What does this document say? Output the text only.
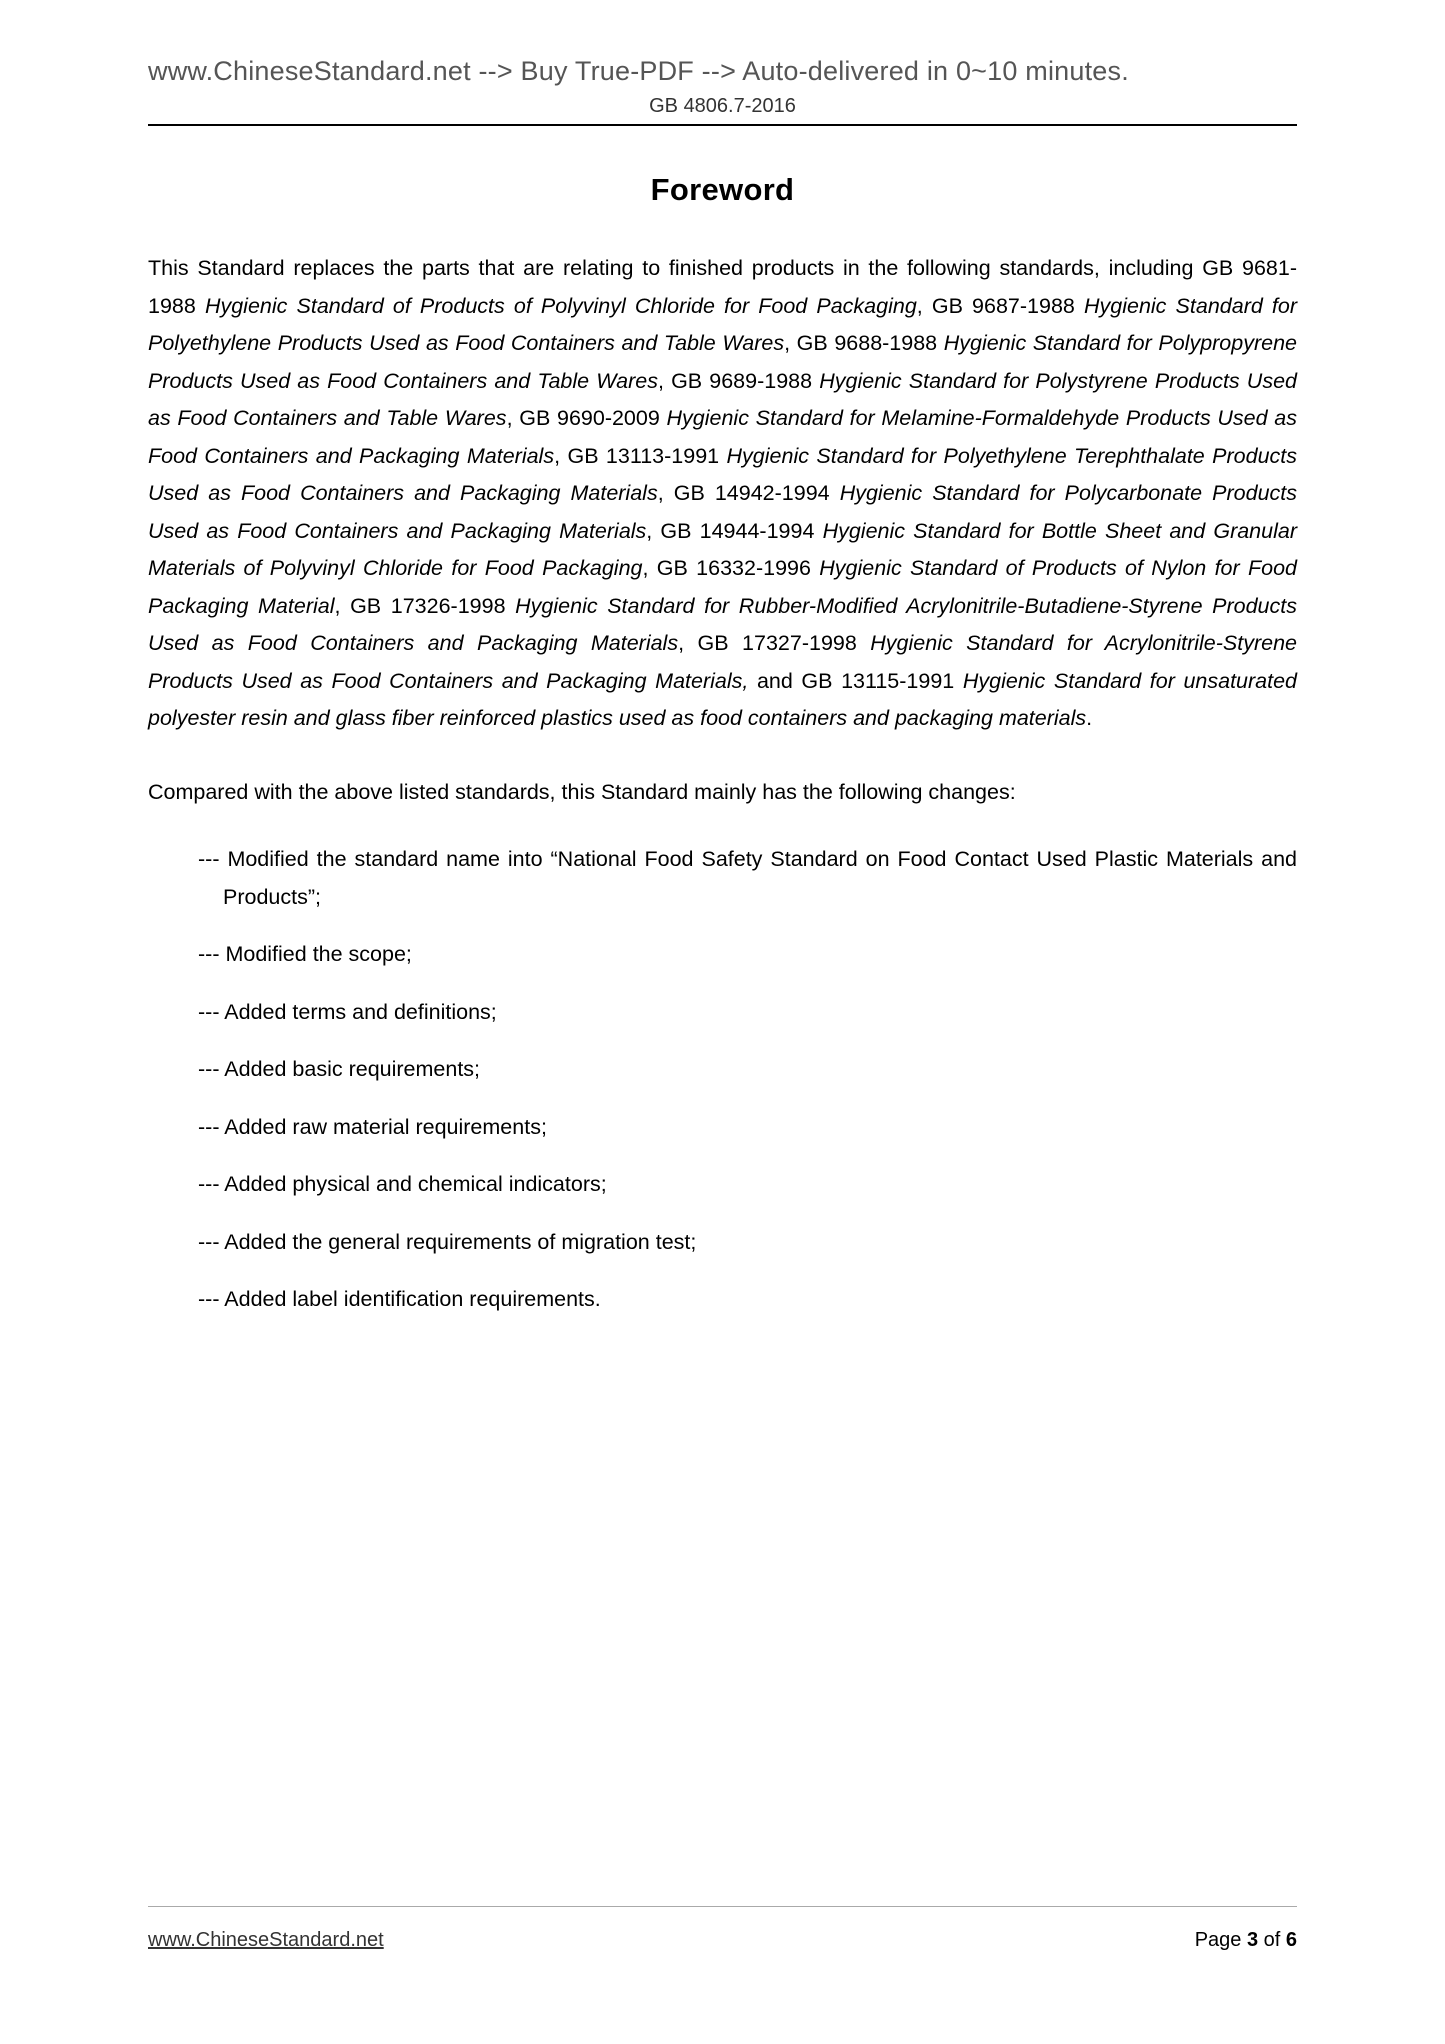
www.ChineseStandard.net --> Buy True-PDF --> Auto-delivered in 0~10 minutes.
GB 4806.7-2016
Foreword

This Standard replaces the parts that are relating to finished products in the following standards, including GB 9681-1988 Hygienic Standard of Products of Polyvinyl Chloride for Food Packaging, GB 9687-1988 Hygienic Standard for Polyethylene Products Used as Food Containers and Table Wares, GB 9688-1988 Hygienic Standard for Polypropyrene Products Used as Food Containers and Table Wares, GB 9689-1988 Hygienic Standard for Polystyrene Products Used as Food Containers and Table Wares, GB 9690-2009 Hygienic Standard for Melamine-Formaldehyde Products Used as Food Containers and Packaging Materials, GB 13113-1991 Hygienic Standard for Polyethylene Terephthalate Products Used as Food Containers and Packaging Materials, GB 14942-1994 Hygienic Standard for Polycarbonate Products Used as Food Containers and Packaging Materials, GB 14944-1994 Hygienic Standard for Bottle Sheet and Granular Materials of Polyvinyl Chloride for Food Packaging, GB 16332-1996 Hygienic Standard of Products of Nylon for Food Packaging Material, GB 17326-1998 Hygienic Standard for Rubber-Modified Acrylonitrile-Butadiene-Styrene Products Used as Food Containers and Packaging Materials, GB 17327-1998 Hygienic Standard for Acrylonitrile-Styrene Products Used as Food Containers and Packaging Materials, and GB 13115-1991 Hygienic Standard for unsaturated polyester resin and glass fiber reinforced plastics used as food containers and packaging materials.

Compared with the above listed standards, this Standard mainly has the following changes:

--- Modified the standard name into “National Food Safety Standard on Food Contact Used Plastic Materials and Products”;
--- Modified the scope;
--- Added terms and definitions;
--- Added basic requirements;
--- Added raw material requirements;
--- Added physical and chemical indicators;
--- Added the general requirements of migration test;
--- Added label identification requirements.
www.ChineseStandard.net	Page 3 of 6
